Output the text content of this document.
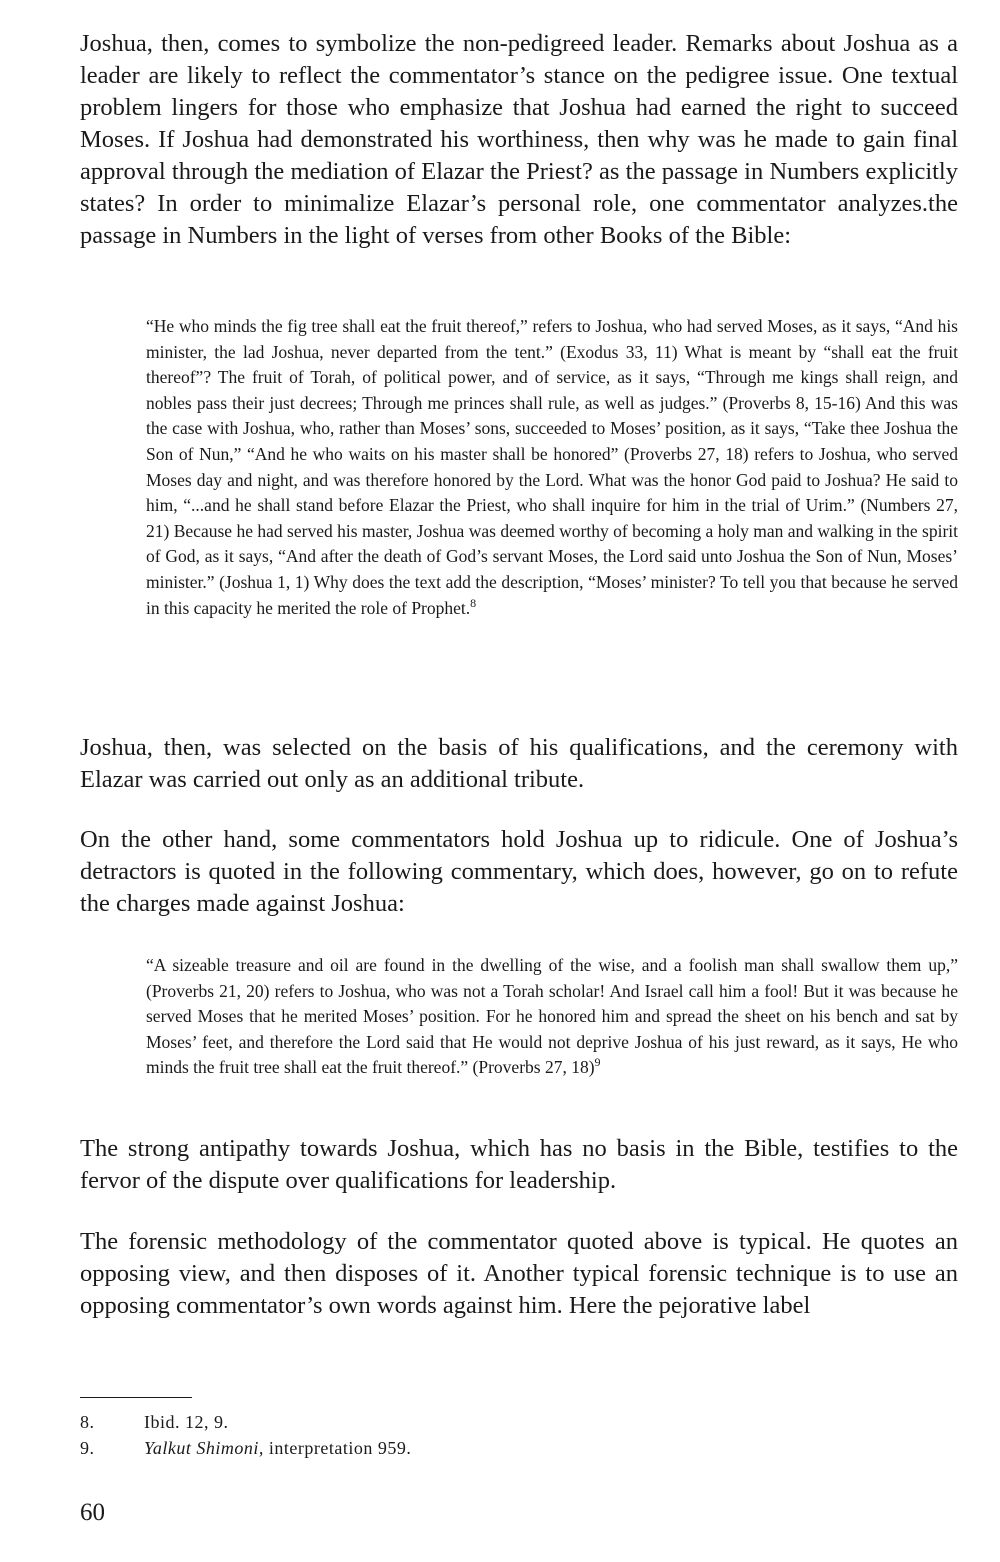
Joshua, then, comes to symbolize the non-pedigreed leader. Remarks about Joshua as a leader are likely to reflect the commentator’s stance on the pedigree issue. One textual problem lingers for those who emphasize that Joshua had earned the right to succeed Moses. If Joshua had demonstrated his worthiness, then why was he made to gain final approval through the mediation of Elazar the Priest? as the passage in Numbers explicitly states? In order to minimalize Elazar’s personal role, one commentator analyzes.the passage in Numbers in the light of verses from other Books of the Bible:

“He who minds the fig tree shall eat the fruit thereof,” refers to Joshua, who had served Moses, as it says, “And his minister, the lad Joshua, never departed from the tent.” (Exodus 33, 11) What is meant by “shall eat the fruit thereof”? The fruit of Torah, of political power, and of service, as it says, “Through me kings shall reign, and nobles pass their just decrees; Through me princes shall rule, as well as judges.” (Proverbs 8, 15-16) And this was the case with Joshua, who, rather than Moses’ sons, succeeded to Moses’ position, as it says, “Take thee Joshua the Son of Nun,” “And he who waits on his master shall be honored” (Proverbs 27, 18) refers to Joshua, who served Moses day and night, and was therefore honored by the Lord. What was the honor God paid to Joshua? He said to him, “...and he shall stand before Elazar the Priest, who shall inquire for him in the trial of Urim.” (Numbers 27, 21) Because he had served his master, Joshua was deemed worthy of becoming a holy man and walking in the spirit of God, as it says, “And after the death of God’s servant Moses, the Lord said unto Joshua the Son of Nun, Moses’ minister.” (Joshua 1, 1) Why does the text add the description, “Moses’ minister? To tell you that because he served in this capacity he merited the role of Prophet.$^8$

Joshua, then, was selected on the basis of his qualifications, and the ceremony with Elazar was carried out only as an additional tribute.

On the other hand, some commentators hold Joshua up to ridicule. One of Joshua’s detractors is quoted in the following commentary, which does, however, go on to refute the charges made against Joshua:

“A sizeable treasure and oil are found in the dwelling of the wise, and a foolish man shall swallow them up,” (Proverbs 21, 20) refers to Joshua, who was not a Torah scholar! And Israel call him a fool! But it was because he served Moses that he merited Moses’ position. For he honored him and spread the sheet on his bench and sat by Moses’ feet, and therefore the Lord said that He would not deprive Joshua of his just reward, as it says, He who minds the fruit tree shall eat the fruit thereof.” (Proverbs 27, 18)$^9$

The strong antipathy towards Joshua, which has no basis in the Bible, testifies to the fervor of the dispute over qualifications for leadership.

The forensic methodology of the commentator quoted above is typical. He quotes an opposing view, and then disposes of it. Another typical forensic technique is to use an opposing commentator’s own words against him. Here the pejorative label

8.	Ibid. 12, 9.
9.	Yalkut Shimoni, interpretation 959.
60
